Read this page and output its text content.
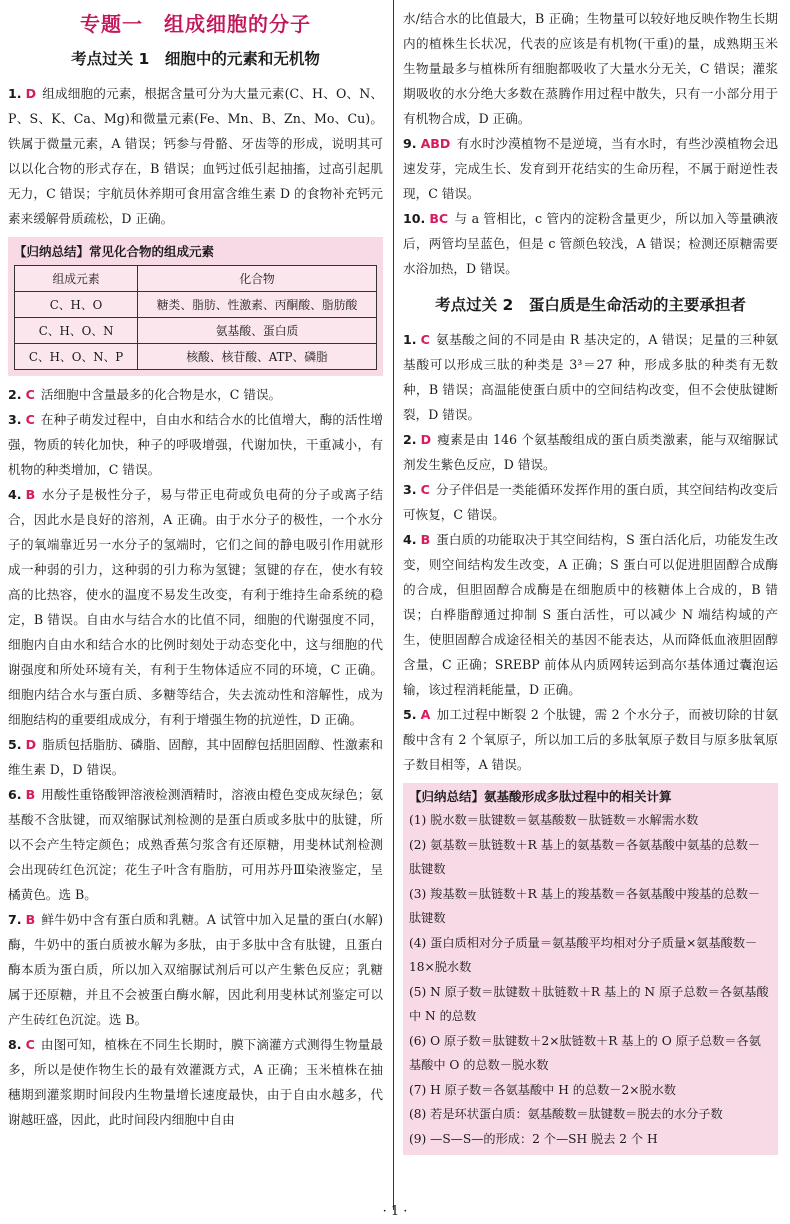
专题一　组成细胞的分子
考点过关 1　细胞中的元素和无机物

1. D 组成细胞的元素，根据含量可分为大量元素(C、H、O、N、P、S、K、Ca、Mg)和微量元素(Fe、Mn、B、Zn、Mo、Cu)。铁属于微量元素，A 错误；钙参与骨骼、牙齿等的形成，说明其可以以化合物的形式存在，B 错误；血钙过低引起抽搐，过高引起肌无力，C 错误；宇航员休养期可食用富含维生素 D 的食物补充钙元素来缓解骨质疏松，D 正确。

【归纳总结】常见化合物的组成元素
组成元素	化合物
C、H、O	糖类、脂肪、性激素、丙酮酸、脂肪酸
C、H、O、N	氨基酸、蛋白质
C、H、O、N、P	核酸、核苷酸、ATP、磷脂

2. C 活细胞中含量最多的化合物是水，C 错误。

3. C 在种子萌发过程中，自由水和结合水的比值增大，酶的活性增强，物质的转化加快，种子的呼吸增强，代谢加快，干重减小，有机物的种类增加，C 错误。

4. B 水分子是极性分子，易与带正电荷或负电荷的分子或离子结合，因此水是良好的溶剂，A 正确。由于水分子的极性，一个水分子的氧端靠近另一水分子的氢端时，它们之间的静电吸引作用就形成一种弱的引力，这种弱的引力称为氢键；氢键的存在，使水有较高的比热容，使水的温度不易发生改变，有利于维持生命系统的稳定，B 错误。自由水与结合水的比值不同，细胞的代谢强度不同，细胞内自由水和结合水的比例时刻处于动态变化中，这与细胞的代谢强度和所处环境有关，有利于生物体适应不同的环境，C 正确。细胞内结合水与蛋白质、多糖等结合，失去流动性和溶解性，成为细胞结构的重要组成成分，有利于增强生物的抗逆性，D 正确。

5. D 脂质包括脂肪、磷脂、固醇，其中固醇包括胆固醇、性激素和维生素 D，D 错误。

6. B 用酸性重铬酸钾溶液检测酒精时，溶液由橙色变成灰绿色；氨基酸不含肽键，而双缩脲试剂检测的是蛋白质或多肽中的肽键，所以不会产生特定颜色；成熟香蕉匀浆含有还原糖，用斐林试剂检测会出现砖红色沉淀；花生子叶含有脂肪，可用苏丹Ⅲ染液鉴定，呈橘黄色。选 B。

7. B 鲜牛奶中含有蛋白质和乳糖。A 试管中加入足量的蛋白(水解)酶，牛奶中的蛋白质被水解为多肽，由于多肽中含有肽键，且蛋白酶本质为蛋白质，所以加入双缩脲试剂后可以产生紫色反应；乳糖属于还原糖，并且不会被蛋白酶水解，因此利用斐林试剂鉴定可以产生砖红色沉淀。选 B。

8. C 由图可知，植株在不同生长期时，膜下滴灌方式测得生物量最多，所以是使作物生长的最有效灌溉方式，A 正确；玉米植株在抽穗期到灌浆期时间段内生物量增长速度最快，由于自由水越多，代谢越旺盛，因此，此时间段内细胞中自由

水/结合水的比值最大，B 正确；生物量可以较好地反映作物生长期内的植株生长状况，代表的应该是有机物(干重)的量，成熟期玉米生物量最多与植株所有细胞都吸收了大量水分无关，C 错误；灌浆期吸收的水分绝大多数在蒸腾作用过程中散失，只有一小部分用于有机物合成，D 正确。

9. ABD 有水时沙漠植物不是逆境，当有水时，有些沙漠植物会迅速发芽，完成生长、发育到开花结实的生命历程，不属于耐逆性表现，C 错误。

10. BC 与 a 管相比，c 管内的淀粉含量更少，所以加入等量碘液后，两管均呈蓝色，但是 c 管颜色较浅，A 错误；检测还原糖需要水浴加热，D 错误。

考点过关 2　蛋白质是生命活动的主要承担者

1. C 氨基酸之间的不同是由 R 基决定的，A 错误；足量的三种氨基酸可以形成三肽的种类是 3³＝27 种，形成多肽的种类有无数种，B 错误；高温能使蛋白质中的空间结构改变，但不会使肽键断裂，D 错误。

2. D 瘦素是由 146 个氨基酸组成的蛋白质类激素，能与双缩脲试剂发生紫色反应，D 错误。

3. C 分子伴侣是一类能循环发挥作用的蛋白质，其空间结构改变后可恢复，C 错误。

4. B 蛋白质的功能取决于其空间结构，S 蛋白活化后，功能发生改变，则空间结构发生改变，A 正确；S 蛋白可以促进胆固醇合成酶的合成，但胆固醇合成酶是在细胞质中的核糖体上合成的，B 错误；白桦脂醇通过抑制 S 蛋白活性，可以减少 N 端结构域的产生，使胆固醇合成途径相关的基因不能表达，从而降低血液胆固醇含量，C 正确；SREBP 前体从内质网转运到高尔基体通过囊泡运输，该过程消耗能量，D 正确。

5. A 加工过程中断裂 2 个肽键，需 2 个水分子，而被切除的甘氨酸中含有 2 个氧原子，所以加工后的多肽氧原子数目与原多肽氧原子数目相等，A 错误。

【归纳总结】氨基酸形成多肽过程中的相关计算

(1) 脱水数＝肽键数＝氨基酸数－肽链数＝水解需水数

(2) 氨基数＝肽链数＋R 基上的氨基数＝各氨基酸中氨基的总数－肽键数

(3) 羧基数＝肽链数＋R 基上的羧基数＝各氨基酸中羧基的总数－肽键数

(4) 蛋白质相对分子质量＝氨基酸平均相对分子质量×氨基酸数－18×脱水数

(5) N 原子数＝肽键数＋肽链数＋R 基上的 N 原子总数＝各氨基酸中 N 的总数

(6) O 原子数＝肽键数＋2×肽链数＋R 基上的 O 原子总数＝各氨基酸中 O 的总数－脱水数

(7) H 原子数＝各氨基酸中 H 的总数－2×脱水数

(8) 若是环状蛋白质：氨基酸数＝肽键数＝脱去的水分子数

(9) —S—S—的形成：2 个—SH 脱去 2 个 H

· 1 ·
